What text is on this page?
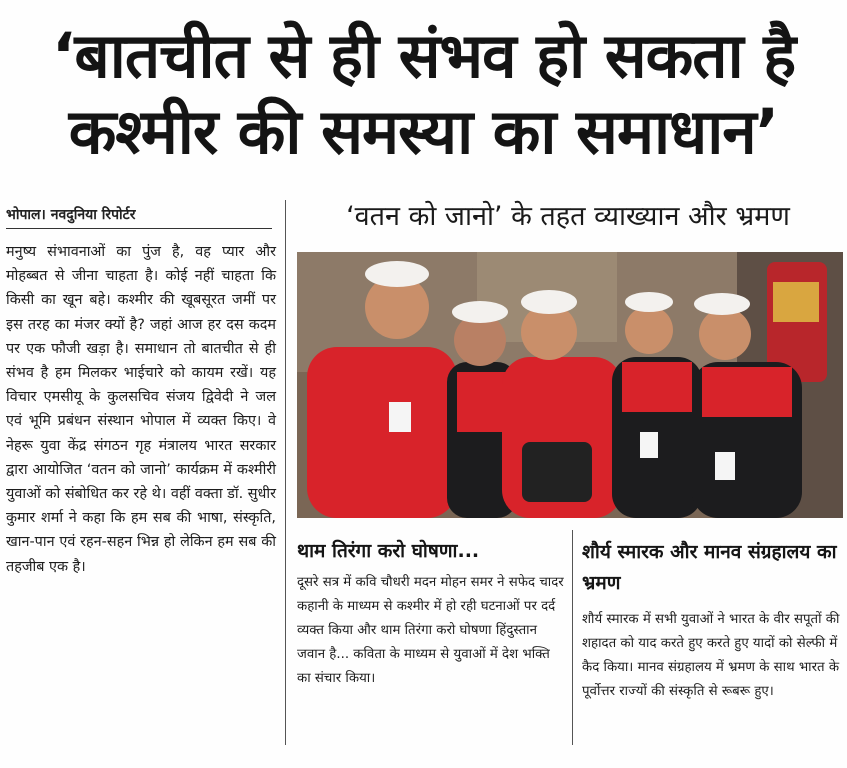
‘बातचीत से ही संभव हो सकता है
कश्मीर की समस्या का समाधान’
भोपाल। नवदुनिया रिपोर्टर
मनुष्य संभावनाओं का पुंज है, वह प्यार और मोहब्बत से जीना चाहता है। कोई नहीं चाहता कि किसी का खून बहे। कश्मीर की खूबसूरत जमीं पर इस तरह का मंजर क्यों है? जहां आज हर दस कदम पर एक फौजी खड़ा है। समाधान तो बातचीत से ही संभव है हम मिलकर भाईचारे को कायम रखें। यह विचार एमसीयू के कुलसचिव संजय द्विवेदी ने जल एवं भूमि प्रबंधन संस्थान भोपाल में व्यक्त किए। वे नेहरू युवा केंद्र संगठन गृह मंत्रालय भारत सरकार द्वारा आयोजित ‘वतन को जानो’ कार्यक्रम में कश्मीरी युवाओं को संबोधित कर रहे थे। वहीं वक्ता डॉ. सुधीर कुमार शर्मा ने कहा कि हम सब की भाषा, संस्कृति, खान-पान एवं रहन-सहन भिन्न हो लेकिन हम सब की तहजीब एक है।
‘वतन को जानो’ के तहत व्याख्यान और भ्रमण
थाम तिरंगा करो घोषणा...
दूसरे सत्र में कवि चौधरी मदन मोहन समर ने सफेद चादर कहानी के माध्यम से कश्मीर में हो रही घटनाओं पर दर्द व्यक्त किया और थाम तिरंगा करो घोषणा हिंदुस्तान जवान है... कविता के माध्यम से युवाओं में देश भक्ति का संचार किया।
शौर्य स्मारक और मानव संग्रहालय का भ्रमण
शौर्य स्मारक में सभी युवाओं ने भारत के वीर सपूतों की शहादत को याद करते हुए करते हुए यादों को सेल्फी में कैद किया। मानव संग्रहालय में भ्रमण के साथ भारत के पूर्वोत्तर राज्यों की संस्कृति से रूबरू हुए।
